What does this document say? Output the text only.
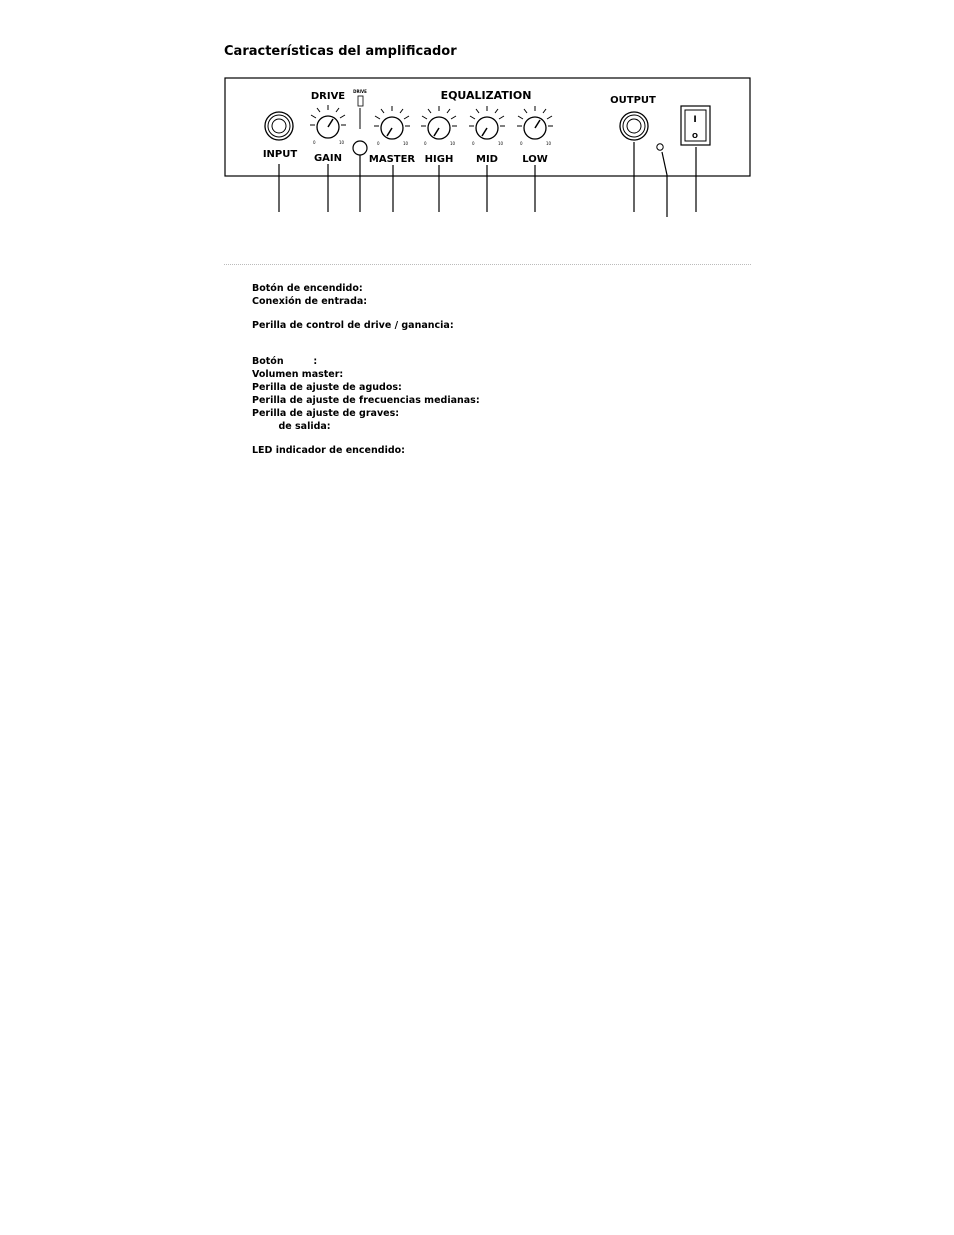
Características del amplificador
INPUT
DRIVE
0	10
GAIN
DRIVE
0	10
MASTER
EQUALIZATION
0	10
HIGH
0	10
MID
0	10
LOW
OUTPUT
I
O
Botón de encendido:
Conexión de entrada:
Perilla de control de drive / ganancia:
Botón         :
Volumen master:
Perilla de ajuste de agudos:
Perilla de ajuste de frecuencias medianas:
Perilla de ajuste de graves:
de salida:
LED indicador de encendido:
